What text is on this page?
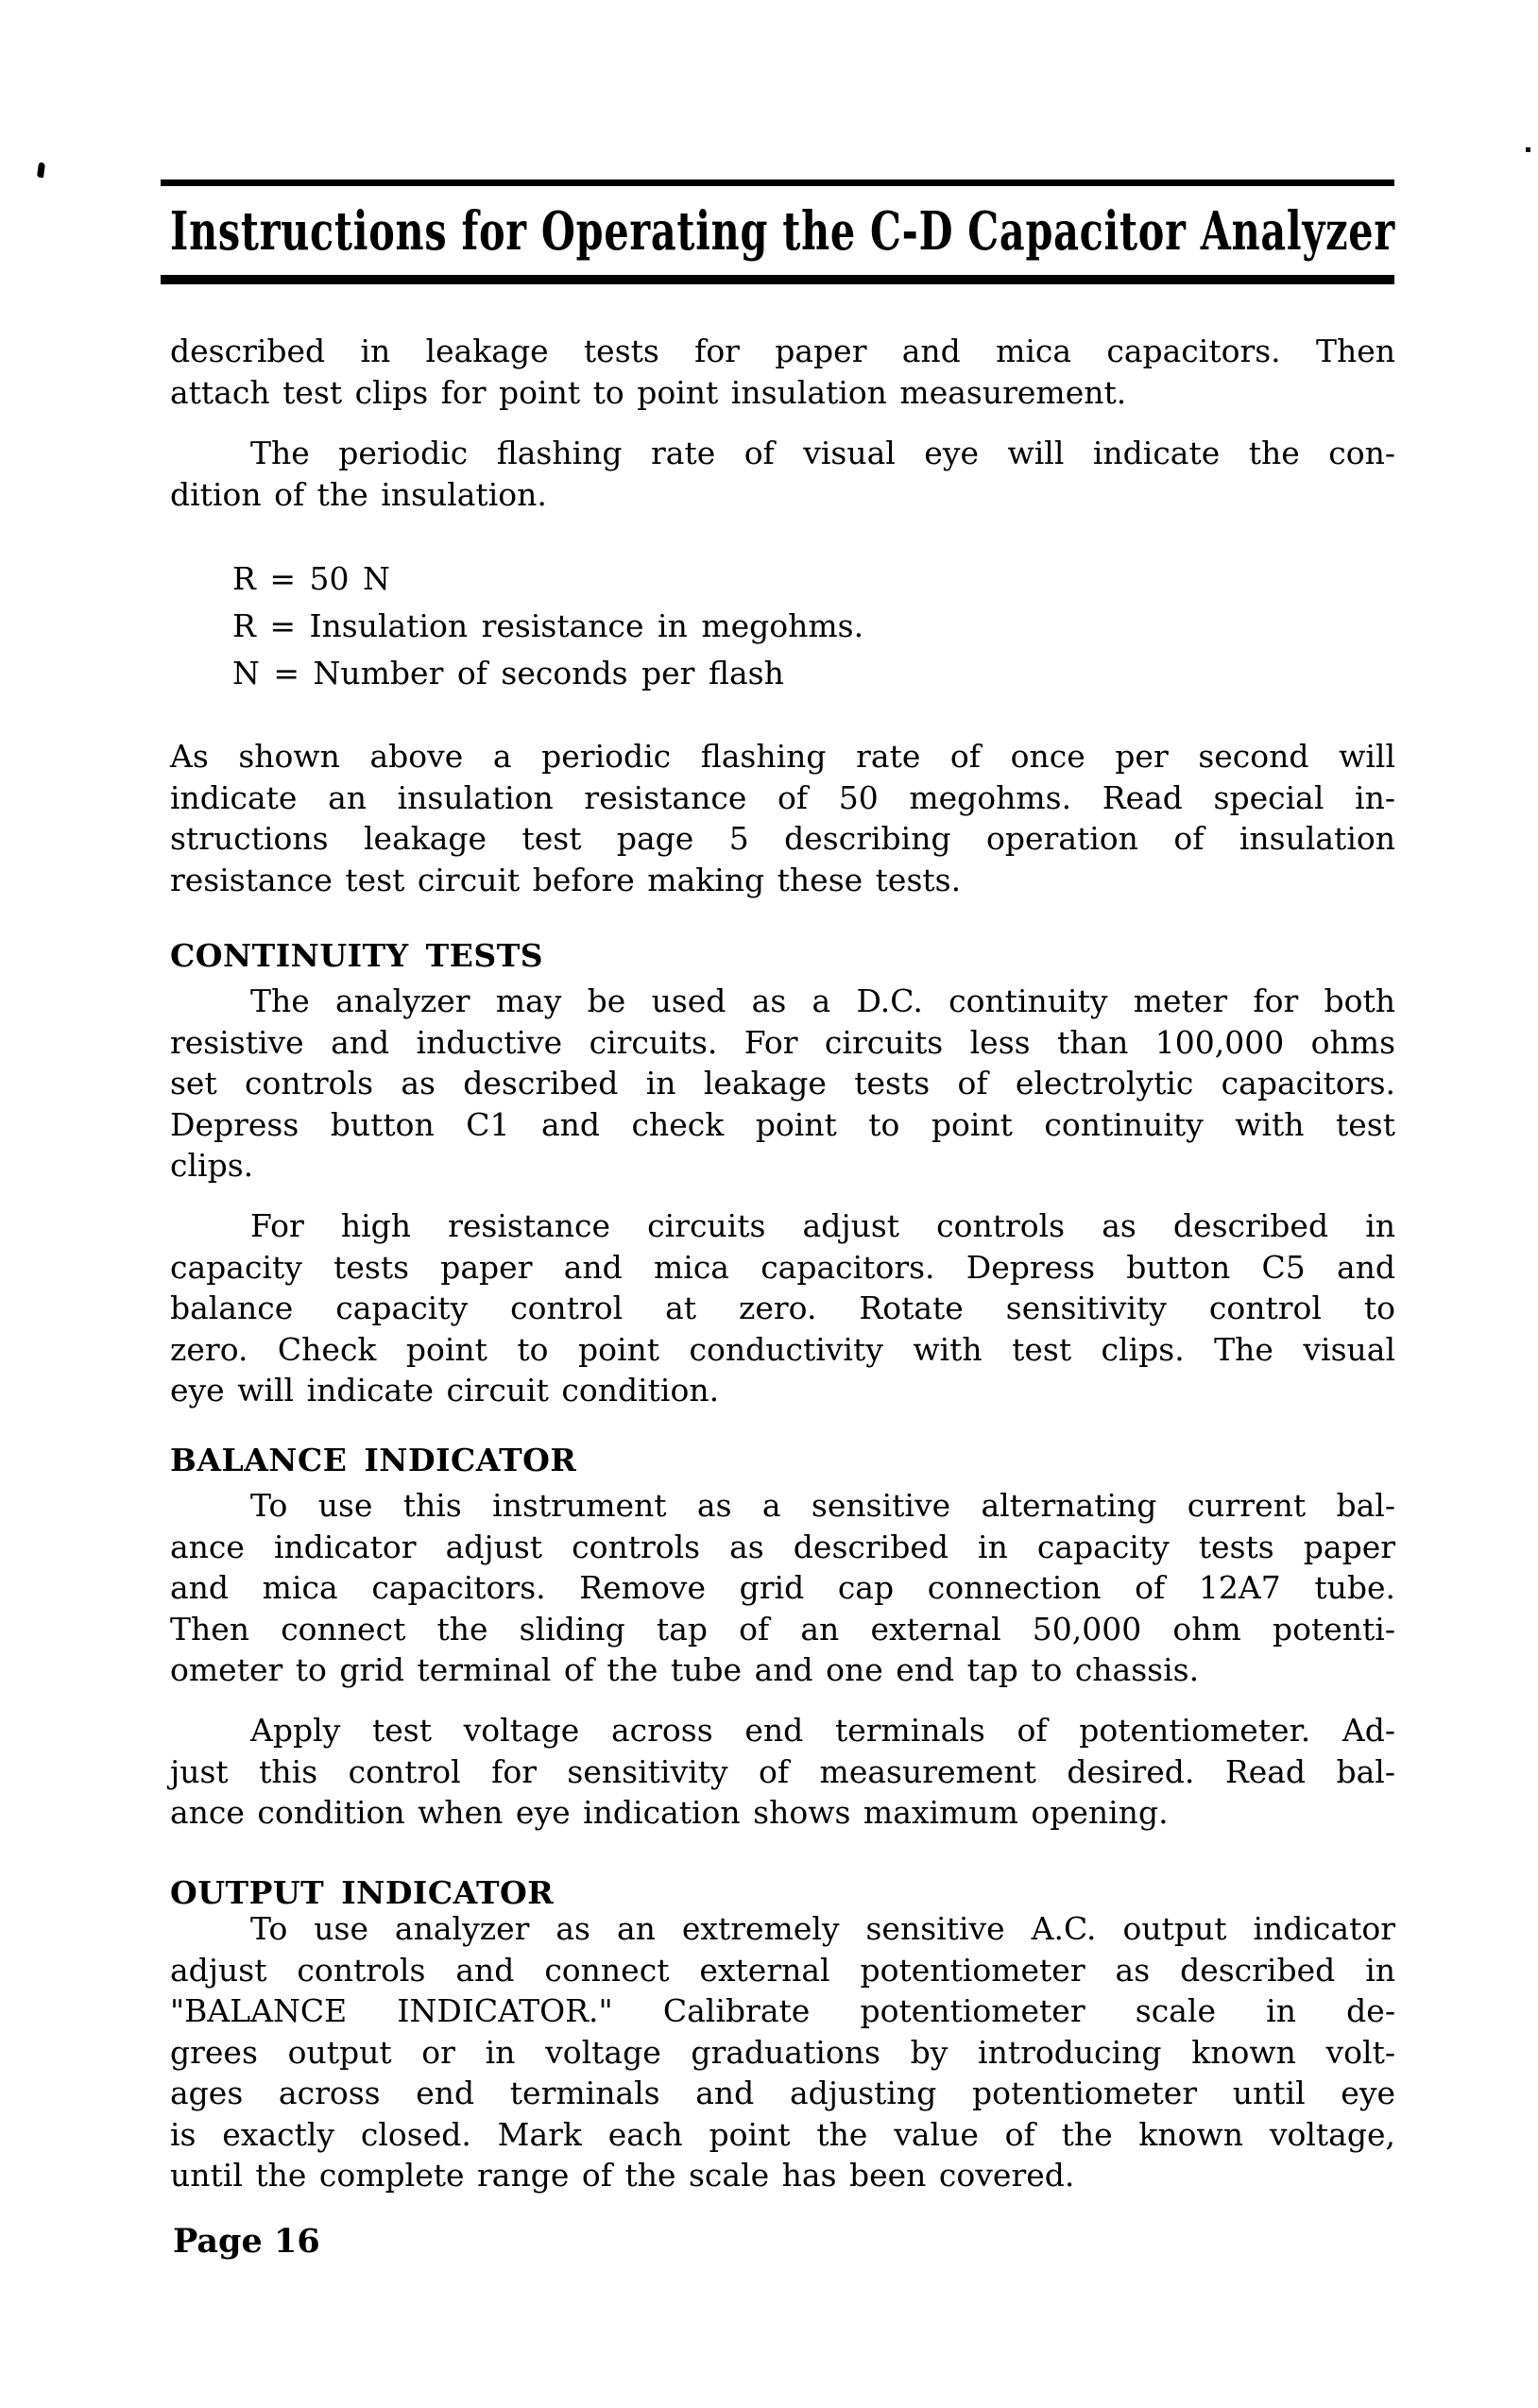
Instructions for Operating the C-D Capacitor Analyzer
described in leakage tests for paper and mica capacitors. Then
attach test clips for point to point insulation measurement.
The periodic flashing rate of visual eye will indicate the con-
dition of the insulation.
R = 50 N
R = Insulation resistance in megohms.
N = Number of seconds per flash
As shown above a periodic flashing rate of once per second will
indicate an insulation resistance of 50 megohms. Read special in-
structions leakage test page 5 describing operation of insulation
resistance test circuit before making these tests.
CONTINUITY TESTS
The analyzer may be used as a D.C. continuity meter for both
resistive and inductive circuits. For circuits less than 100,000 ohms
set controls as described in leakage tests of electrolytic capacitors.
Depress button C1 and check point to point continuity with test
clips.
For high resistance circuits adjust controls as described in
capacity tests paper and mica capacitors. Depress button C5 and
balance capacity control at zero. Rotate sensitivity control to
zero. Check point to point conductivity with test clips. The visual
eye will indicate circuit condition.
BALANCE INDICATOR
To use this instrument as a sensitive alternating current bal-
ance indicator adjust controls as described in capacity tests paper
and mica capacitors. Remove grid cap connection of 12A7 tube.
Then connect the sliding tap of an external 50,000 ohm potenti-
ometer to grid terminal of the tube and one end tap to chassis.
Apply test voltage across end terminals of potentiometer. Ad-
just this control for sensitivity of measurement desired. Read bal-
ance condition when eye indication shows maximum opening.
OUTPUT INDICATOR
To use analyzer as an extremely sensitive A.C. output indicator
adjust controls and connect external potentiometer as described in
"BALANCE INDICATOR." Calibrate potentiometer scale in de-
grees output or in voltage graduations by introducing known volt-
ages across end terminals and adjusting potentiometer until eye
is exactly closed. Mark each point the value of the known voltage,
until the complete range of the scale has been covered.
Page 16
